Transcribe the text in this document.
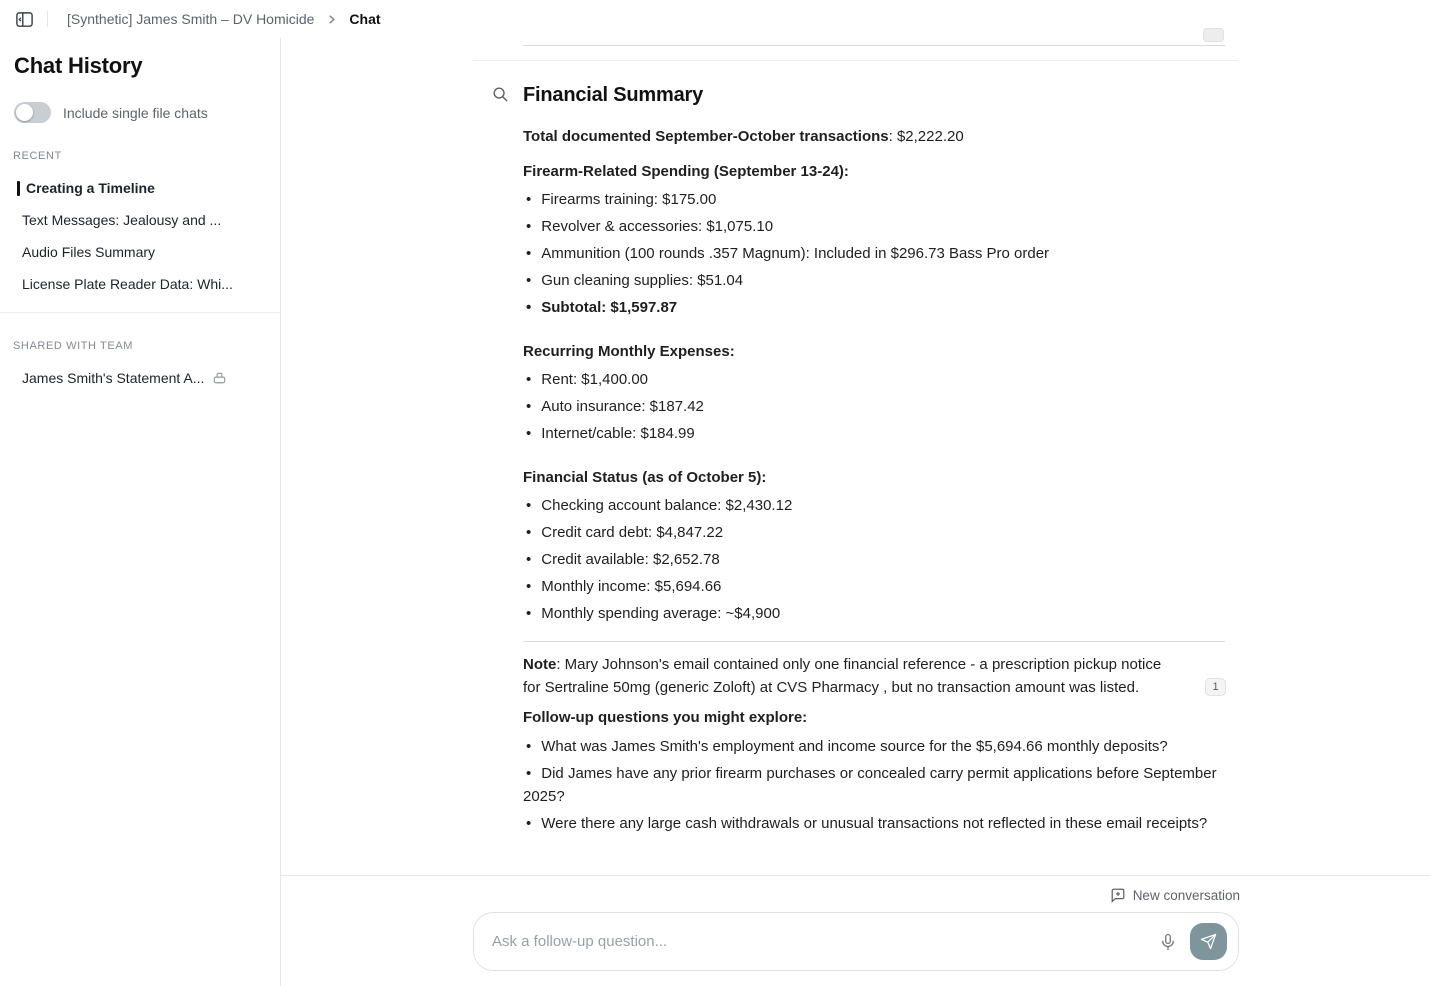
[Synthetic] James Smith – DV Homicide	Chat
Chat History
Include single file chats
RECENT
Creating a Timeline
Text Messages: Jealousy and ...
Audio Files Summary
License Plate Reader Data: Whi...
SHARED WITH TEAM
James Smith's Statement A...
Financial Summary

Total documented September-October transactions: $2,222.20

Firearm-Related Spending (September 13-24):
• Firearms training: $175.00
• Revolver & accessories: $1,075.10
• Ammunition (100 rounds .357 Magnum): Included in $296.73 Bass Pro order
• Gun cleaning supplies: $51.04
• Subtotal: $1,597.87
Recurring Monthly Expenses:
• Rent: $1,400.00
• Auto insurance: $187.42
• Internet/cable: $184.99
Financial Status (as of October 5):
• Checking account balance: $2,430.12
• Credit card debt: $4,847.22
• Credit available: $2,652.78
• Monthly income: $5,694.66
• Monthly spending average: ~$4,900

Note: Mary Johnson's email contained only one financial reference - a prescription pickup notice for Sertraline 50mg (generic Zoloft) at CVS Pharmacy , but no transaction amount was listed.	1

Follow-up questions you might explore:
• What was James Smith's employment and income source for the $5,694.66 monthly deposits?
• Did James have any prior firearm purchases or concealed carry permit applications before September 2025?
• Were there any large cash withdrawals or unusual transactions not reflected in these email receipts?
New conversation
Ask a follow-up question...
